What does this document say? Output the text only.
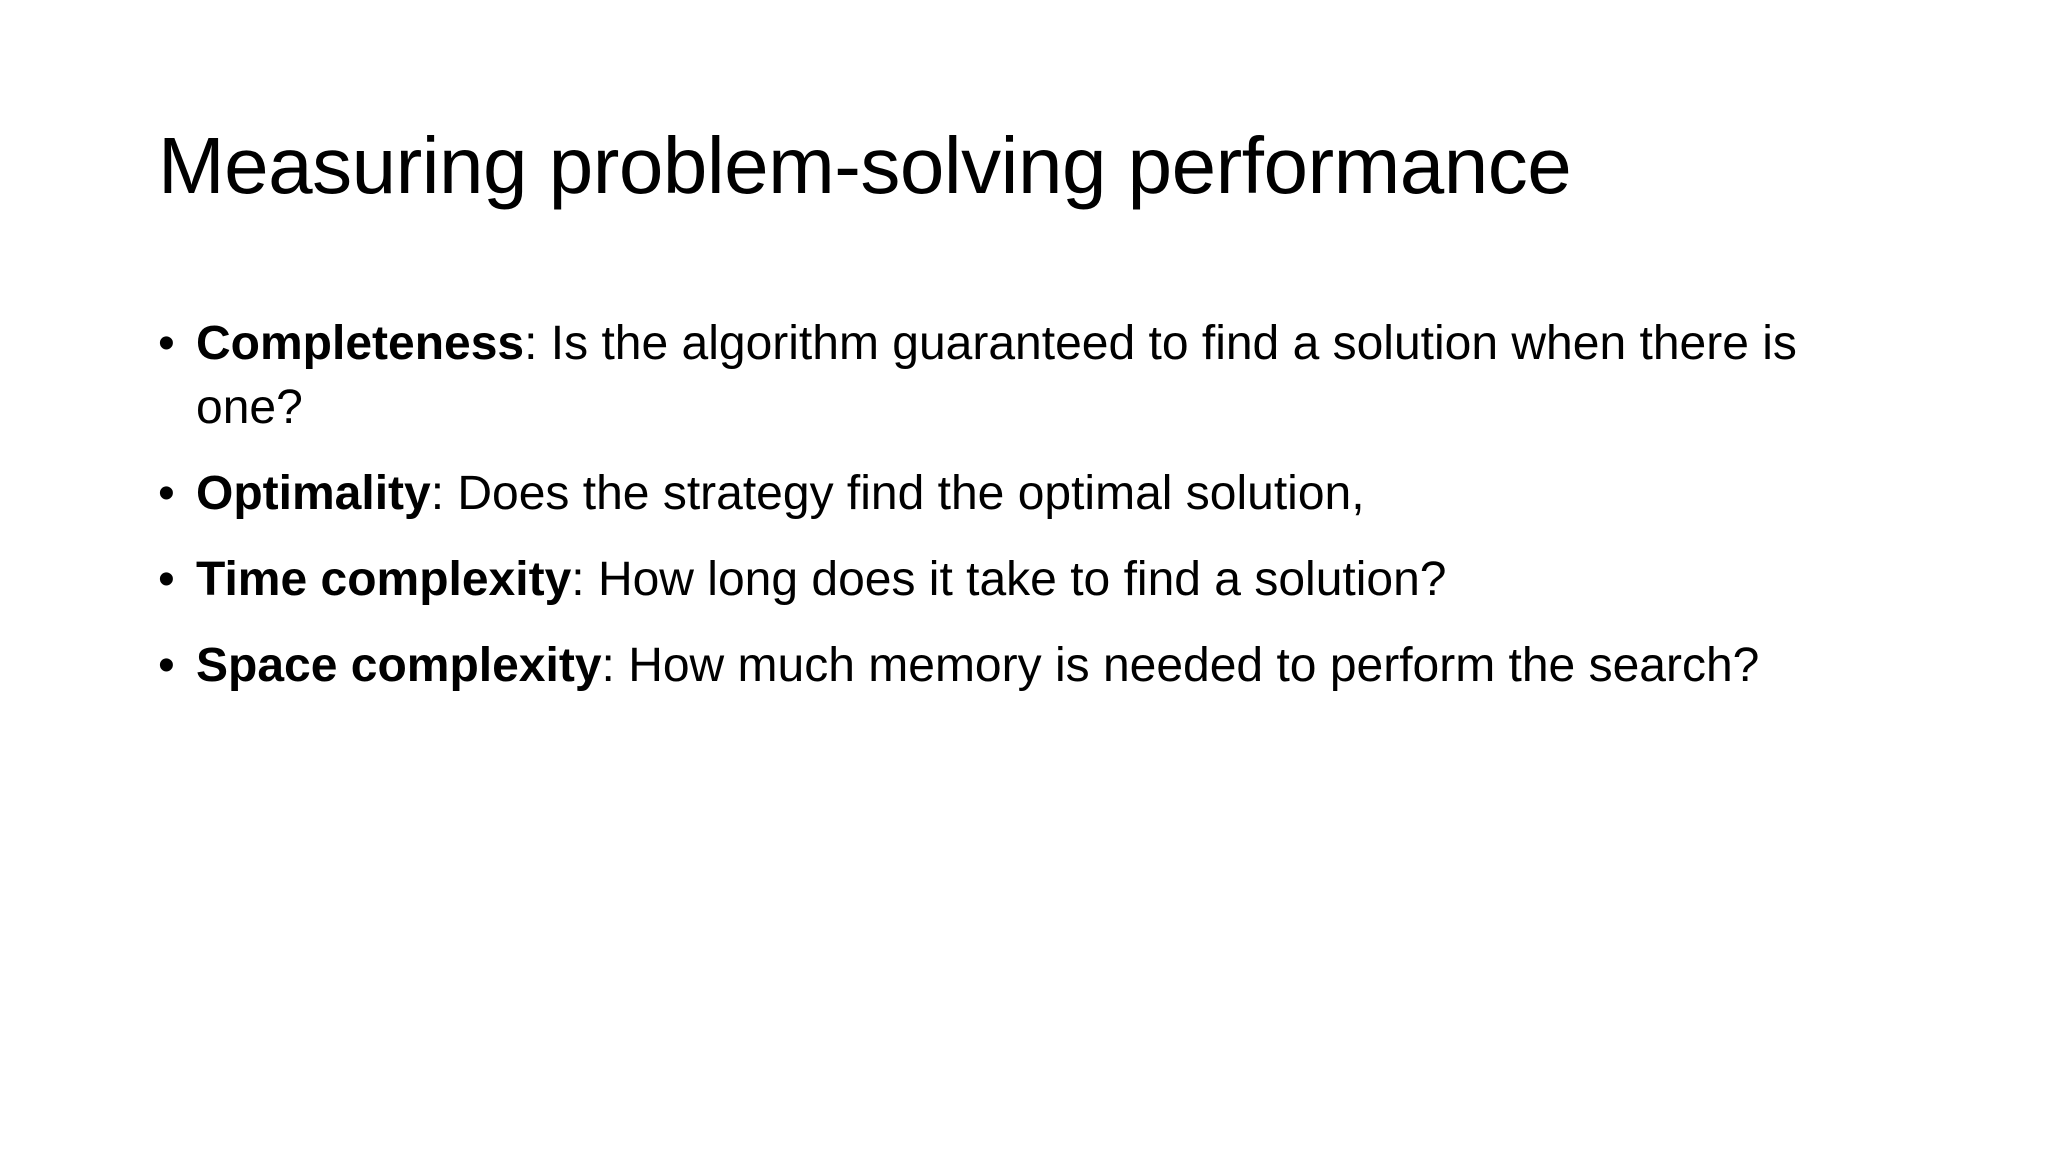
Measuring problem-solving performance
• Completeness: Is the algorithm guaranteed to find a solution when there is one?
• Optimality: Does the strategy find the optimal solution,
• Time complexity: How long does it take to find a solution?
• Space complexity: How much memory is needed to perform the search?
